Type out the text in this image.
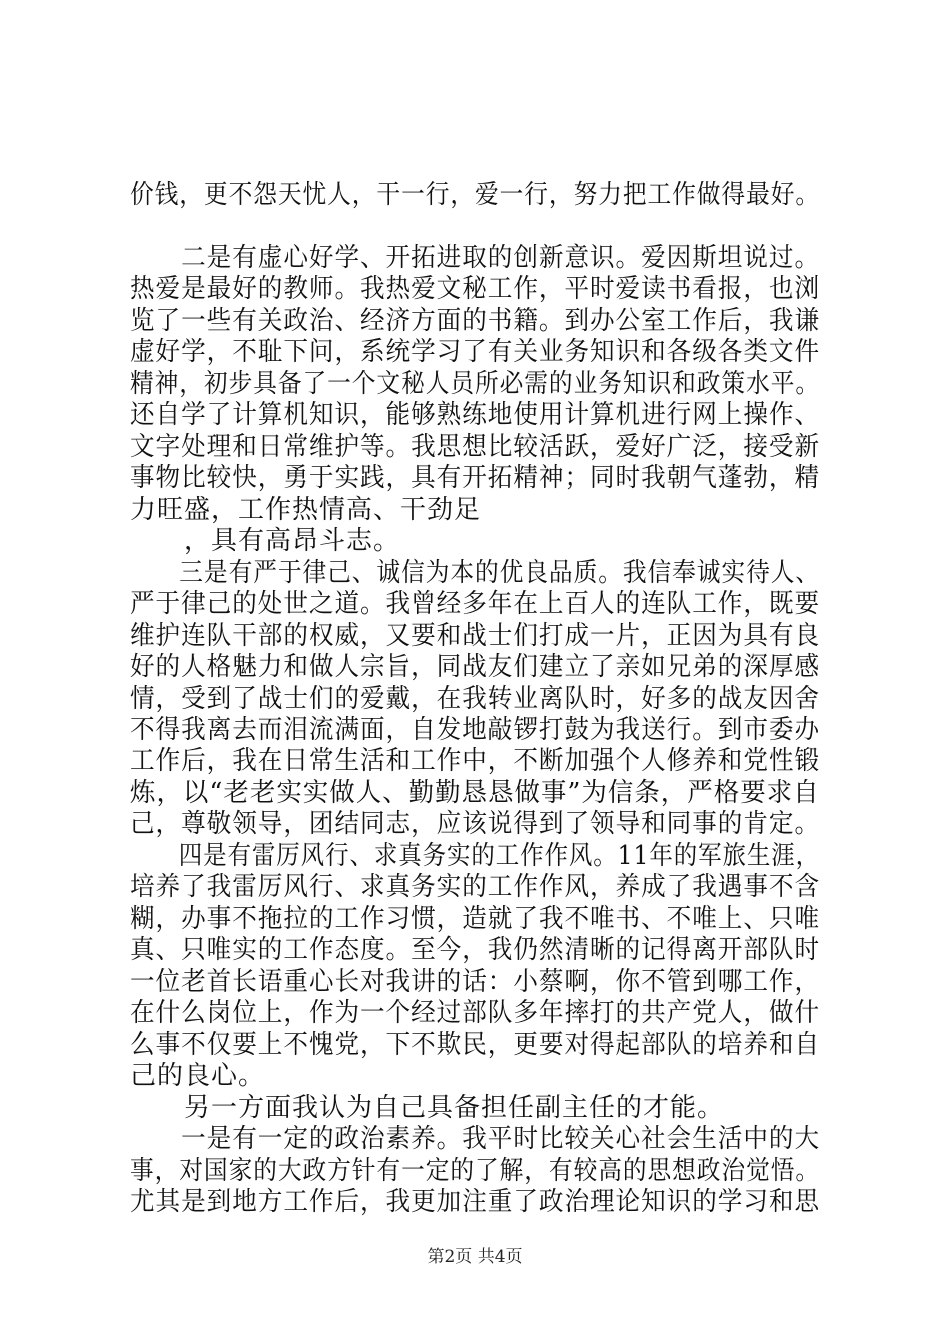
价钱，更不怨天忧人，干一行，爱一行，努力把工作做得最好。
　　二是有虚心好学、开拓进取的创新意识。爱因斯坦说过。
热爱是最好的教师。我热爱文秘工作，平时爱读书看报，也浏
览了一些有关政治、经济方面的书籍。到办公室工作后，我谦
虚好学，不耻下问，系统学习了有关业务知识和各级各类文件
精神，初步具备了一个文秘人员所必需的业务知识和政策水平。
还自学了计算机知识，能够熟练地使用计算机进行网上操作、
文字处理和日常维护等。我思想比较活跃，爱好广泛，接受新
事物比较快，勇于实践，具有开拓精神；同时我朝气蓬勃，精
力旺盛，工作热情高、干劲足
　　，具有高昂斗志。
　　三是有严于律己、诚信为本的优良品质。我信奉诚实待人、
严于律己的处世之道。我曾经多年在上百人的连队工作，既要
维护连队干部的权威，又要和战士们打成一片，正因为具有良
好的人格魅力和做人宗旨，同战友们建立了亲如兄弟的深厚感
情，受到了战士们的爱戴，在我转业离队时，好多的战友因舍
不得我离去而泪流满面，自发地敲锣打鼓为我送行。到市委办
工作后，我在日常生活和工作中，不断加强个人修养和党性锻
炼，以“老老实实做人、勤勤恳恳做事”为信条，严格要求自
己，尊敬领导，团结同志，应该说得到了领导和同事的肯定。
　　四是有雷厉风行、求真务实的工作作风。11年的军旅生涯，
培养了我雷厉风行、求真务实的工作作风，养成了我遇事不含
糊，办事不拖拉的工作习惯，造就了我不唯书、不唯上、只唯
真、只唯实的工作态度。至今，我仍然清晰的记得离开部队时
一位老首长语重心长对我讲的话：小蔡啊，你不管到哪工作，
在什么岗位上，作为一个经过部队多年摔打的共产党人，做什
么事不仅要上不愧党，下不欺民，更要对得起部队的培养和自
己的良心。
　　另一方面我认为自己具备担任副主任的才能。
　　一是有一定的政治素养。我平时比较关心社会生活中的大
事，对国家的大政方针有一定的了解，有较高的思想政治觉悟。
尤其是到地方工作后，我更加注重了政治理论知识的学习和思
第2页 共4页
